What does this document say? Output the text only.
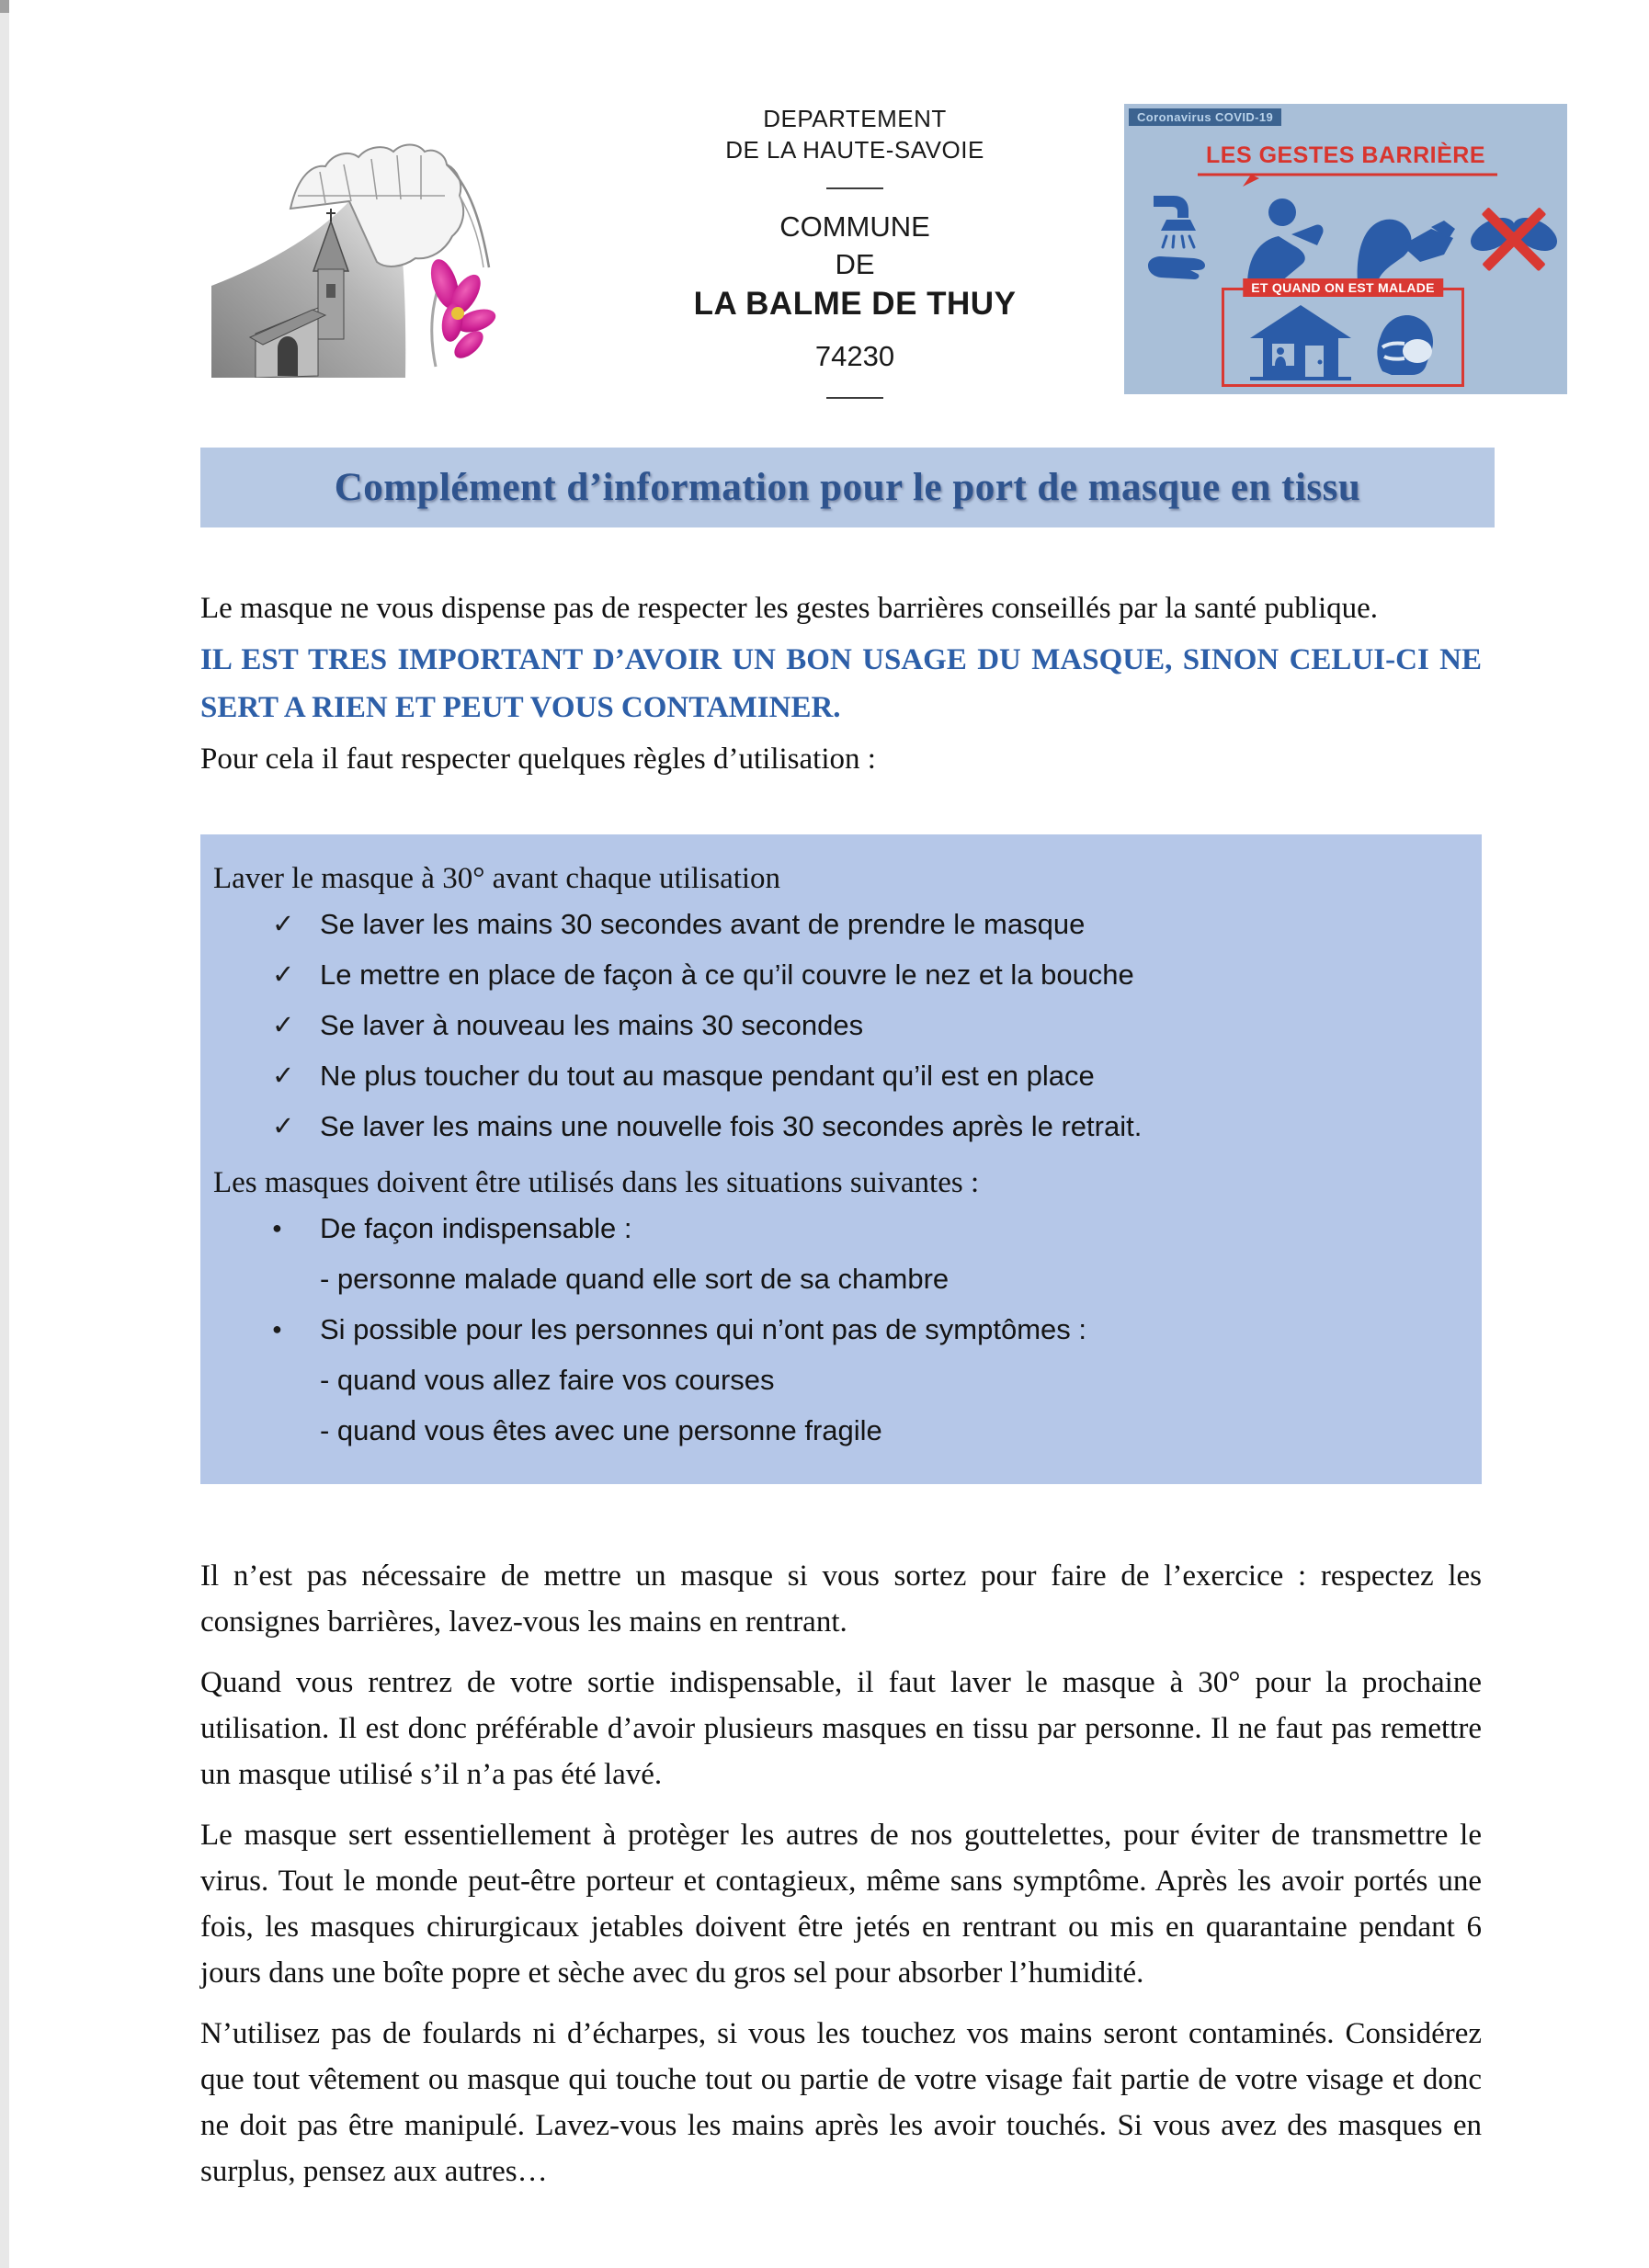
DEPARTEMENT
DE LA HAUTE-SAVOIE
COMMUNE
DE
LA BALME DE THUY
74230
Coronavirus COVID-19
LES GESTES BARRIÈRE
ET QUAND ON EST MALADE
Complément d’information pour le port de masque en tissu

Le masque ne vous dispense pas de respecter les gestes barrières conseillés par la santé publique.

IL EST TRES IMPORTANT D’AVOIR UN BON USAGE DU MASQUE, SINON CELUI-CI NE SERT A RIEN ET PEUT VOUS CONTAMINER.

Pour cela il faut respecter quelques règles d’utilisation :

Laver le masque à 30° avant chaque utilisation
✓ Se laver les mains 30 secondes avant de prendre le masque
✓ Le mettre en place de façon à ce qu’il couvre le nez et la bouche
✓ Se laver à nouveau les mains 30 secondes
✓ Ne plus toucher du tout au masque pendant qu’il est en place
✓ Se laver les mains une nouvelle fois 30 secondes après le retrait.
Les masques doivent être utilisés dans les situations suivantes :
●	De façon indispensable :
- personne malade quand elle sort de sa chambre
●	Si possible pour les personnes qui n’ont pas de symptômes :
- quand vous allez faire vos courses
- quand vous êtes avec une personne fragile

Il n’est pas nécessaire de mettre un masque si vous sortez pour faire de l’exercice : respectez les consignes barrières, lavez-vous les mains en rentrant.

Quand vous rentrez de votre sortie indispensable, il faut laver le masque à 30° pour la prochaine utilisation. Il est donc préférable d’avoir plusieurs masques en tissu par personne. Il ne faut pas remettre un masque utilisé s’il n’a pas été lavé.

Le masque sert essentiellement à protèger les autres de nos gouttelettes, pour éviter de transmettre le virus. Tout le monde peut-être porteur et contagieux, même sans symptôme. Après les avoir portés une fois, les masques chirurgicaux jetables doivent être jetés en rentrant ou mis en quarantaine pendant 6 jours dans une boîte popre et sèche avec du gros sel pour absorber l’humidité.

N’utilisez pas de foulards ni d’écharpes, si vous les touchez vos mains seront contaminés. Considérez que tout vêtement ou masque qui touche tout ou partie de votre visage fait partie de votre visage et donc ne doit pas être manipulé. Lavez-vous les mains après les avoir touchés. Si vous avez des masques en surplus, pensez aux autres…
